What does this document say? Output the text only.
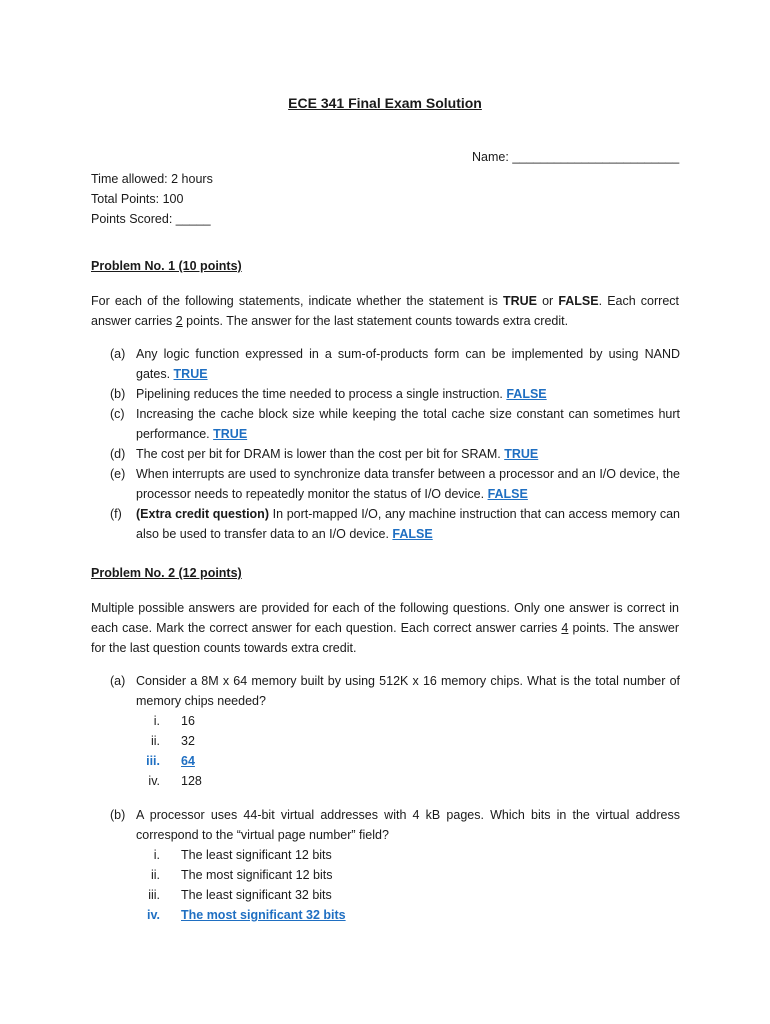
ECE 341 Final Exam Solution
Name: ________________________
Time allowed: 2 hours
Total Points: 100
Points Scored: _____
Problem No. 1 (10 points)
For each of the following statements, indicate whether the statement is TRUE or FALSE. Each correct answer carries 2 points. The answer for the last statement counts towards extra credit.
(a) Any logic function expressed in a sum-of-products form can be implemented by using NAND gates. TRUE
(b) Pipelining reduces the time needed to process a single instruction. FALSE
(c) Increasing the cache block size while keeping the total cache size constant can sometimes hurt performance. TRUE
(d) The cost per bit for DRAM is lower than the cost per bit for SRAM. TRUE
(e) When interrupts are used to synchronize data transfer between a processor and an I/O device, the processor needs to repeatedly monitor the status of I/O device. FALSE
(f) (Extra credit question) In port-mapped I/O, any machine instruction that can access memory can also be used to transfer data to an I/O device. FALSE
Problem No. 2 (12 points)
Multiple possible answers are provided for each of the following questions. Only one answer is correct in each case. Mark the correct answer for each question. Each correct answer carries 4 points. The answer for the last question counts towards extra credit.
(a) Consider a 8M x 64 memory built by using 512K x 16 memory chips. What is the total number of memory chips needed?
i. 16
ii. 32
iii. 64
iv. 128
(b) A processor uses 44-bit virtual addresses with 4 kB pages. Which bits in the virtual address correspond to the “virtual page number” field?
i. The least significant 12 bits
ii. The most significant 12 bits
iii. The least significant 32 bits
iv. The most significant 32 bits
